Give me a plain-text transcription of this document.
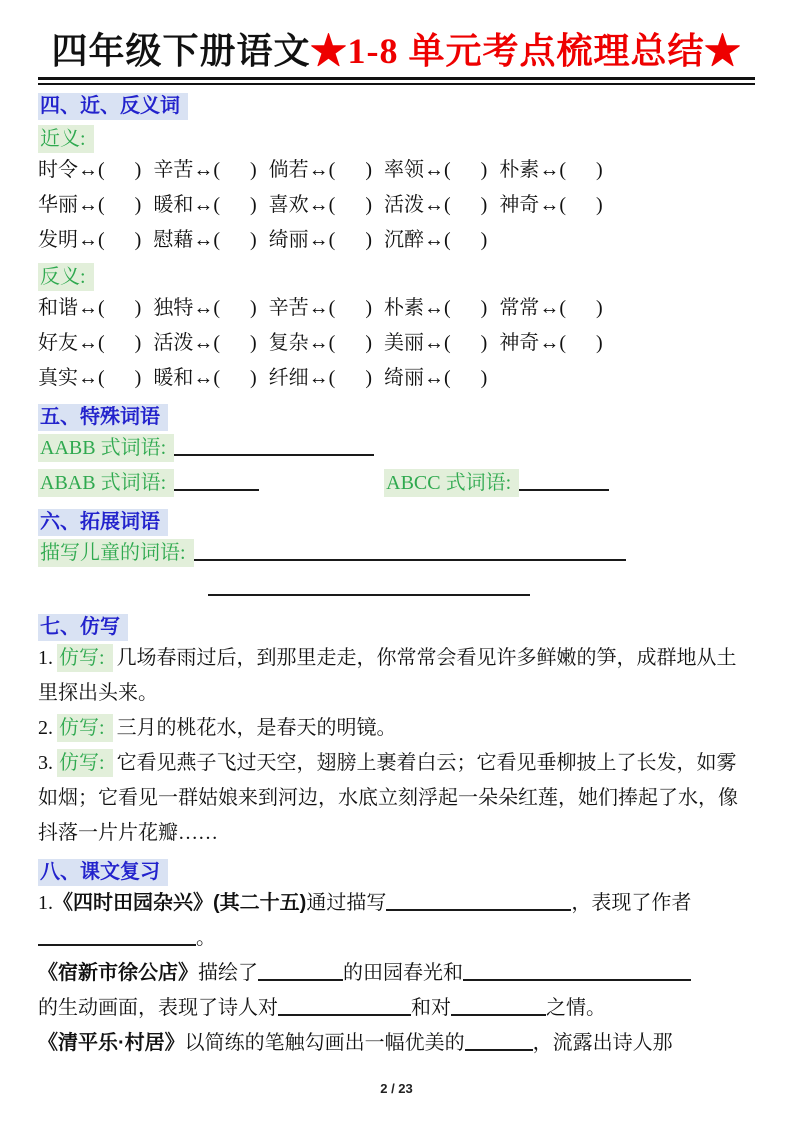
四年级下册语文★1-8 单元考点梳理总结★
四、近、反义词
近义:
时令↔(      ) 辛苦↔(      ) 倘若↔(      ) 率领↔(      ) 朴素↔(      )
华丽↔(      ) 暖和↔(      ) 喜欢↔(      ) 活泼↔(      ) 神奇↔(      )
发明↔(      ) 慰藉↔(      ) 绮丽↔(      ) 沉醉↔(      )
反义:
和谐↔(      ) 独特↔(      ) 辛苦↔(      ) 朴素↔(      ) 常常↔(      )
好友↔(      ) 活泼↔(      ) 复杂↔(      ) 美丽↔(      ) 神奇↔(      )
真实↔(      ) 暖和↔(      ) 纤细↔(      ) 绮丽↔(      )
五、特殊词语
AABB 式词语:
ABAB 式词语:	ABCC 式词语:
六、拓展词语
描写儿童的词语:
七、仿写

1. 仿写: 几场春雨过后，到那里走走，你常常会看见许多鲜嫩的笋，成群地从土里探出头来。

2. 仿写: 三月的桃花水，是春天的明镜。

3. 仿写: 它看见燕子飞过天空，翅膀上裹着白云；它看见垂柳披上了长发，如雾如烟；它看见一群姑娘来到河边，水底立刻浮起一朵朵红莲，她们捧起了水，像抖落一片片花瓣……

八、课文复习
1.《四时田园杂兴》(其二十五)通过描写	，表现了作者
。
《宿新市徐公店》描绘了	的田园春光和
的生动画面，表现了诗人对	和对	之情。
《清平乐·村居》以简练的笔触勾画出一幅优美的	，流露出诗人那
2 / 23
